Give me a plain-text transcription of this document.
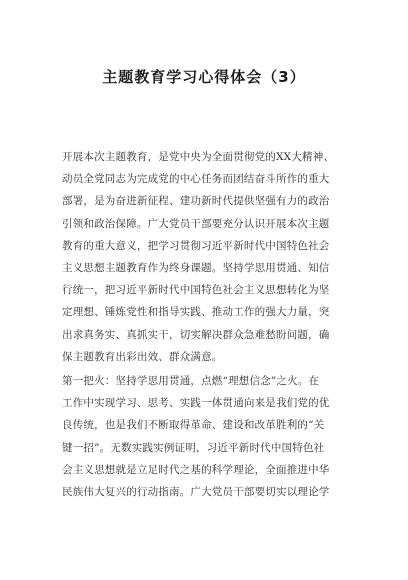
主题教育学习心得体会（3）
开展本次主题教育，是党中央为全面贯彻党的XX大精神、
动员全党同志为完成党的中心任务而团结奋斗所作的重大
部署，是为奋进新征程、建功新时代提供坚强有力的政治
引领和政治保障。广大党员干部要充分认识开展本次主题
教育的重大意义，把学习贯彻习近平新时代中国特色社会
主义思想主题教育作为终身课题。坚持学思用贯通、知信
行统一，把习近平新时代中国特色社会主义思想转化为坚
定理想、锤炼党性和指导实践、推动工作的强大力量，突
出求真务实、真抓实干，切实解决群众急难愁盼问题，确
保主题教育出彩出效、群众满意。
第一把火：坚持学思用贯通，点燃“理想信念”之火。在
工作中实现学习、思考、实践一体贯通向来是我们党的优
良传统，也是我们不断取得革命、建设和改革胜利的“关
键一招”。无数实践实例证明，习近平新时代中国特色社
会主义思想就是立足时代之基的科学理论，全面推进中华
民族伟大复兴的行动指南。广大党员干部要切实以理论学
